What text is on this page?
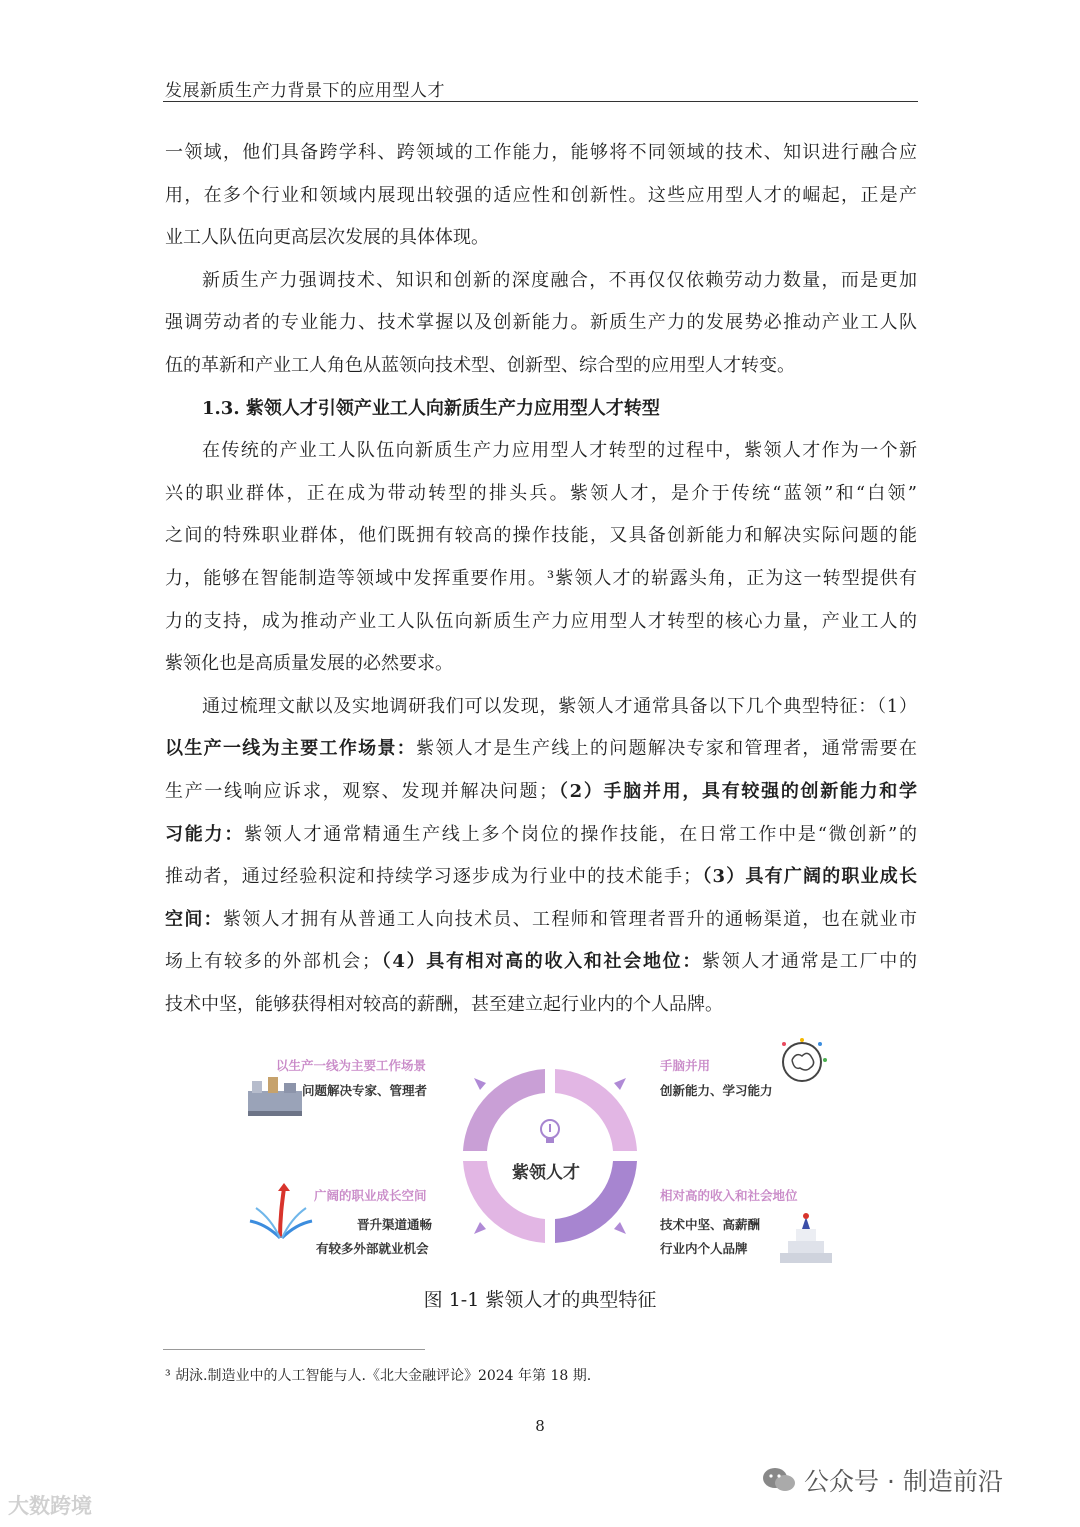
发展新质生产力背景下的应用型人才
一领域，他们具备跨学科、跨领域的工作能力，能够将不同领域的技术、知识进行融合应
用，在多个行业和领域内展现出较强的适应性和创新性。这些应用型人才的崛起，正是产
业工人队伍向更高层次发展的具体体现。
新质生产力强调技术、知识和创新的深度融合，不再仅仅依赖劳动力数量，而是更加
强调劳动者的专业能力、技术掌握以及创新能力。新质生产力的发展势必推动产业工人队
伍的革新和产业工人角色从蓝领向技术型、创新型、综合型的应用型人才转变。
1.3. 紫领人才引领产业工人向新质生产力应用型人才转型
在传统的产业工人队伍向新质生产力应用型人才转型的过程中，紫领人才作为一个新
兴的职业群体，正在成为带动转型的排头兵。紫领人才，是介于传统“蓝领”和“白领”
之间的特殊职业群体，他们既拥有较高的操作技能，又具备创新能力和解决实际问题的能
力，能够在智能制造等领域中发挥重要作用。³紫领人才的崭露头角，正为这一转型提供有
力的支持，成为推动产业工人队伍向新质生产力应用型人才转型的核心力量，产业工人的
紫领化也是高质量发展的必然要求。
通过梳理文献以及实地调研我们可以发现，紫领人才通常具备以下几个典型特征：（1）
以生产一线为主要工作场景：紫领人才是生产线上的问题解决专家和管理者，通常需要在
生产一线响应诉求，观察、发现并解决问题；（2）手脑并用，具有较强的创新能力和学
习能力：紫领人才通常精通生产线上多个岗位的操作技能，在日常工作中是“微创新”的
推动者，通过经验积淀和持续学习逐步成为行业中的技术能手；（3）具有广阔的职业成长
空间：紫领人才拥有从普通工人向技术员、工程师和管理者晋升的通畅渠道，也在就业市
场上有较多的外部机会；（4）具有相对高的收入和社会地位：紫领人才通常是工厂中的
技术中坚，能够获得相对较高的薪酬，甚至建立起行业内的个人品牌。
紫领人才
以生产一线为主要工作场景
问题解决专家、管理者
手脑并用
创新能力、学习能力
广阔的职业成长空间
晋升渠道通畅
有较多外部就业机会
相对高的收入和社会地位
技术中坚、高薪酬
行业内个人品牌
图 1-1 紫领人才的典型特征
³ 胡泳.制造业中的人工智能与人.《北大金融评论》2024 年第 18 期.
8
大数跨境
公众号 · 制造前沿
